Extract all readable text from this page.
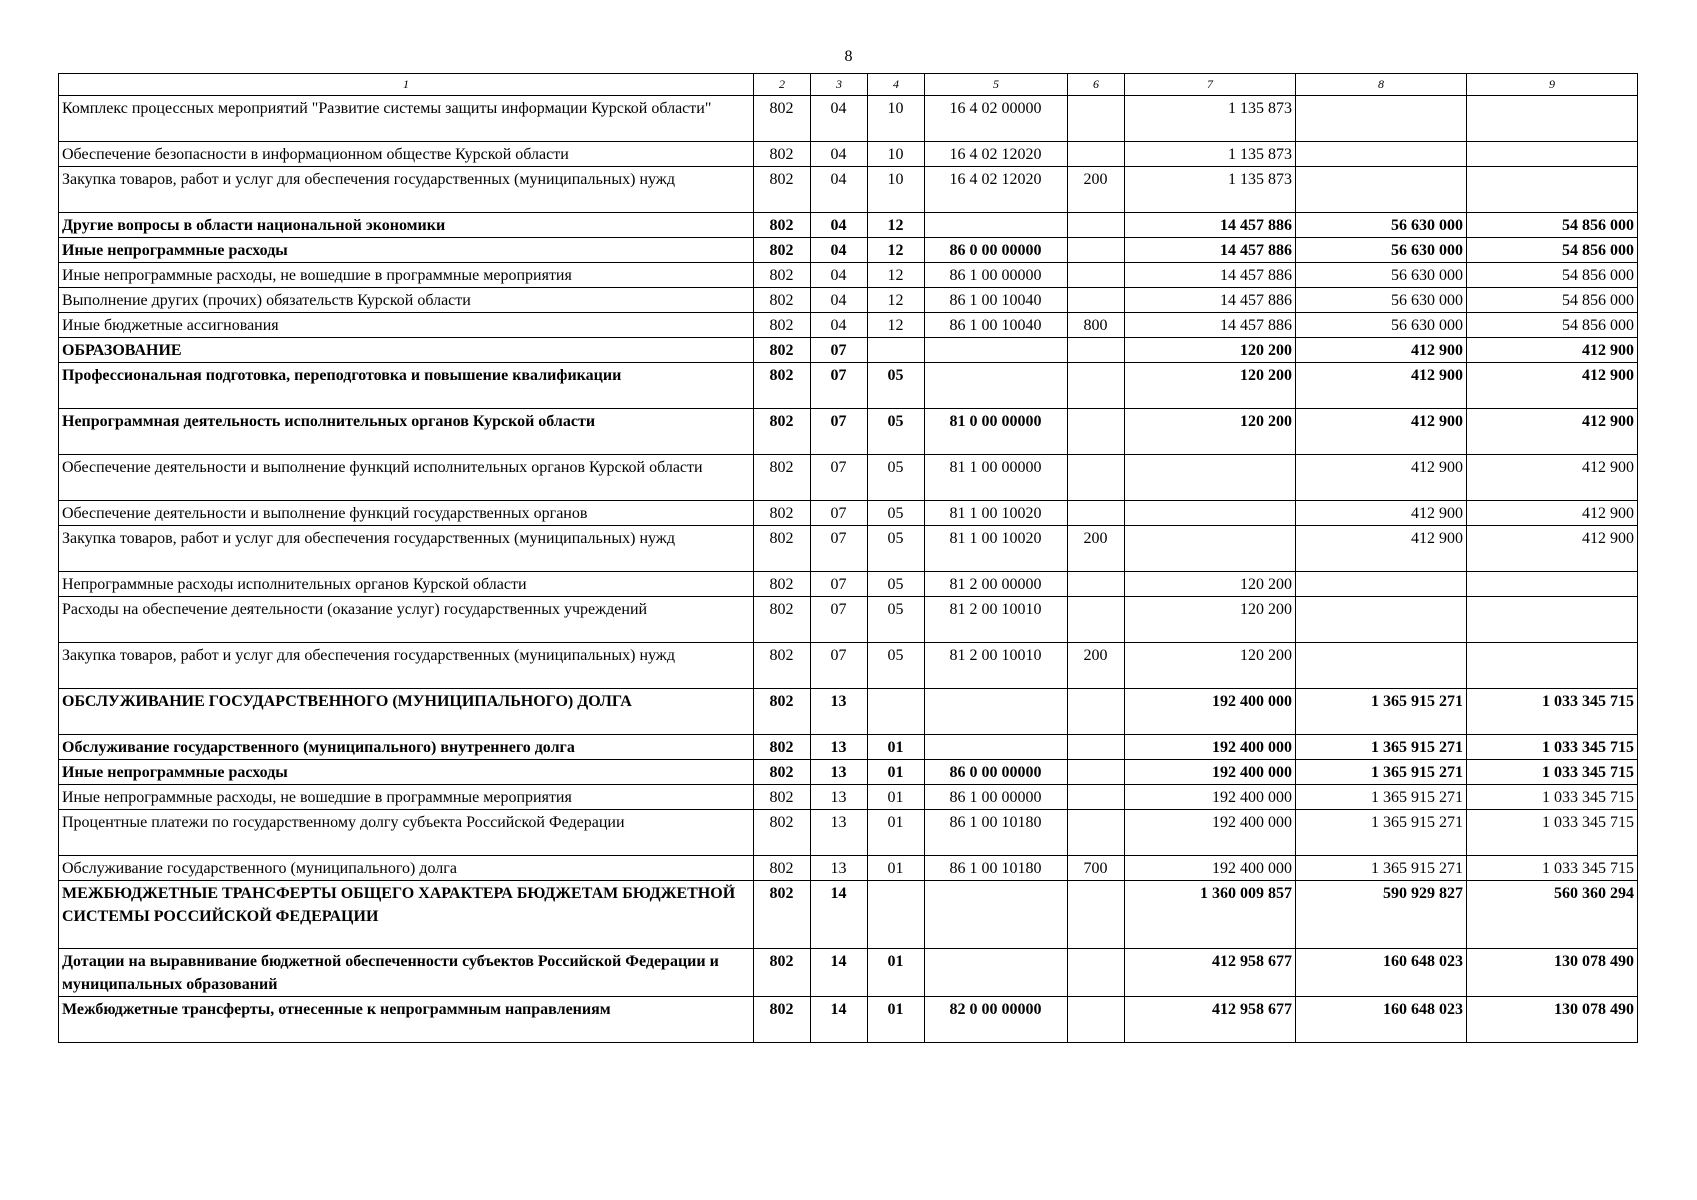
8
1	2	3	4	5	6	7	8	9
Комплекс процессных мероприятий "Развитие системы защиты информации Курской области"	802	04	10	16 4 02 00000		1 135 873		
Обеспечение безопасности в информационном обществе Курской области	802	04	10	16 4 02 12020		1 135 873		
Закупка товаров, работ и услуг для обеспечения государственных (муниципальных) нужд	802	04	10	16 4 02 12020	200	1 135 873		
Другие вопросы в области национальной экономики	802	04	12			14 457 886	56 630 000	54 856 000
Иные непрограммные расходы	802	04	12	86 0 00 00000		14 457 886	56 630 000	54 856 000
Иные непрограммные расходы, не вошедшие в программные мероприятия	802	04	12	86 1 00 00000		14 457 886	56 630 000	54 856 000
Выполнение других (прочих) обязательств Курской области	802	04	12	86 1 00 10040		14 457 886	56 630 000	54 856 000
Иные бюджетные ассигнования	802	04	12	86 1 00 10040	800	14 457 886	56 630 000	54 856 000
ОБРАЗОВАНИЕ	802	07				120 200	412 900	412 900
Профессиональная подготовка, переподготовка и повышение квалификации	802	07	05			120 200	412 900	412 900
Непрограммная деятельность исполнительных органов Курской области	802	07	05	81 0 00 00000		120 200	412 900	412 900
Обеспечение деятельности и выполнение функций исполнительных органов Курской области	802	07	05	81 1 00 00000			412 900	412 900
Обеспечение деятельности и выполнение функций государственных органов	802	07	05	81 1 00 10020			412 900	412 900
Закупка товаров, работ и услуг для обеспечения государственных (муниципальных) нужд	802	07	05	81 1 00 10020	200		412 900	412 900
Непрограммные расходы исполнительных органов Курской области	802	07	05	81 2 00 00000		120 200		
Расходы на обеспечение деятельности (оказание услуг) государственных учреждений	802	07	05	81 2 00 10010		120 200		
Закупка товаров, работ и услуг для обеспечения государственных (муниципальных) нужд	802	07	05	81 2 00 10010	200	120 200		
ОБСЛУЖИВАНИЕ ГОСУДАРСТВЕННОГО (МУНИЦИПАЛЬНОГО) ДОЛГА	802	13				192 400 000	1 365 915 271	1 033 345 715
Обслуживание государственного (муниципального) внутреннего долга	802	13	01			192 400 000	1 365 915 271	1 033 345 715
Иные непрограммные расходы	802	13	01	86 0 00 00000		192 400 000	1 365 915 271	1 033 345 715
Иные непрограммные расходы, не вошедшие в программные мероприятия	802	13	01	86 1 00 00000		192 400 000	1 365 915 271	1 033 345 715
Процентные платежи по государственному долгу субъекта Российской Федерации	802	13	01	86 1 00 10180		192 400 000	1 365 915 271	1 033 345 715
Обслуживание государственного (муниципального) долга	802	13	01	86 1 00 10180	700	192 400 000	1 365 915 271	1 033 345 715
МЕЖБЮДЖЕТНЫЕ ТРАНСФЕРТЫ ОБЩЕГО ХАРАКТЕРА БЮДЖЕТАМ БЮДЖЕТНОЙ СИСТЕМЫ РОССИЙСКОЙ ФЕДЕРАЦИИ	802	14				1 360 009 857	590 929 827	560 360 294
Дотации на выравнивание бюджетной обеспеченности субъектов Российской Федерации и муниципальных образований	802	14	01			412 958 677	160 648 023	130 078 490
Межбюджетные трансферты, отнесенные к непрограммным направлениям	802	14	01	82 0 00 00000		412 958 677	160 648 023	130 078 490
